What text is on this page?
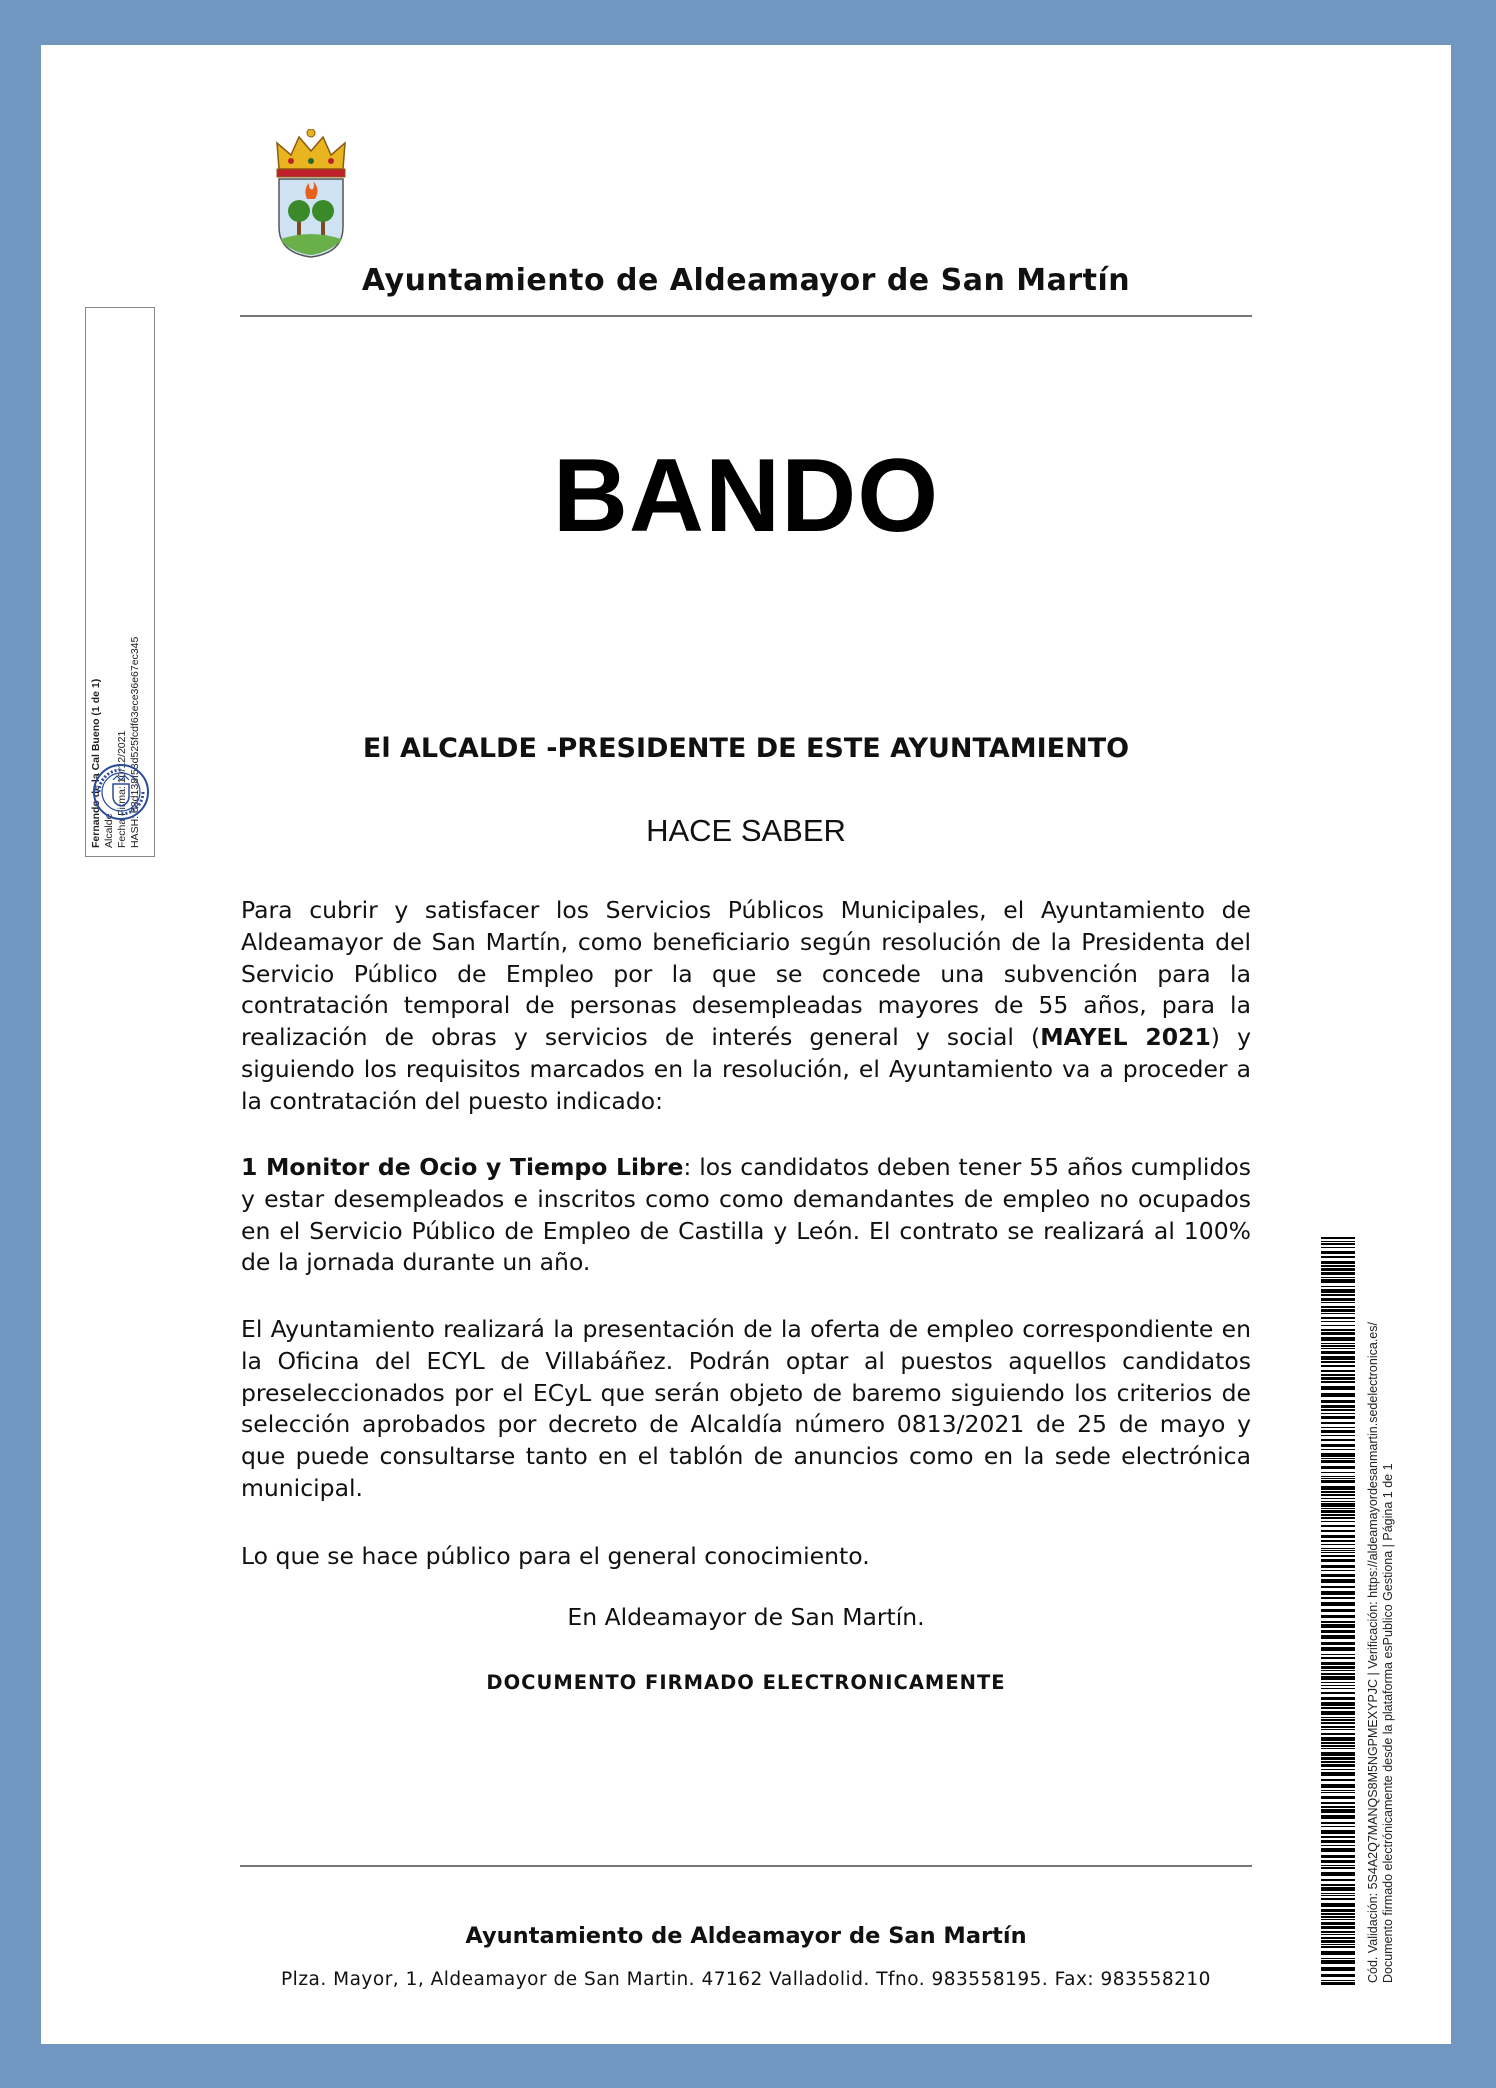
Ayuntamiento de Aldeamayor de San Martín
BANDO
El ALCALDE -PRESIDENTE DE ESTE AYUNTAMIENTO
HACE SABER

Para cubrir y satisfacer los Servicios Públicos Municipales, el Ayuntamiento de Aldeamayor de San Martín, como beneficiario según resolución de la Presidenta del Servicio Público de Empleo por la que se concede una subvención para la contratación temporal de personas desempleadas mayores de 55 años, para la realización de obras y servicios de interés general y social (MAYEL 2021) y siguiendo los requisitos marcados en la resolución, el Ayuntamiento va a proceder a la contratación del puesto indicado:

1 Monitor de Ocio y Tiempo Libre: los candidatos deben tener 55 años cumplidos y estar desempleados e inscritos como como demandantes de empleo no ocupados en el Servicio Público de Empleo de Castilla y León. El contrato se realizará al 100% de la jornada durante un año.

El Ayuntamiento realizará la presentación de la oferta de empleo correspondiente en la Oficina del ECYL de Villabáñez. Podrán optar al puestos aquellos candidatos preseleccionados por el ECyL que serán objeto de baremo siguiendo los criterios de selección aprobados por decreto de Alcaldía número 0813/2021 de 25 de mayo y que puede consultarse tanto en el tablón de anuncios como en la sede electrónica municipal.

Lo que se hace público para el general conocimiento.

En Aldeamayor de San Martín.
DOCUMENTO FIRMADO ELECTRONICAMENTE
Ayuntamiento de Aldeamayor de San Martín
Plza. Mayor, 1, Aldeamayor de San Martin. 47162 Valladolid. Tfno. 983558195. Fax: 983558210
Fernando de la Cal Bueno (1 de 1) Alcalde Fecha Firma: 10/12/2021 HASH: 08d138f53d525fcdf63ece36e67ec345
Cód. Validación: 5S4A2Q7MANQS8M5NGPMEXYPJC | Verificación: https://aldeamayordesanmartin.sedelectronica.es/ Documento firmado electrónicamente desde la plataforma esPublico Gestiona | Página 1 de 1
